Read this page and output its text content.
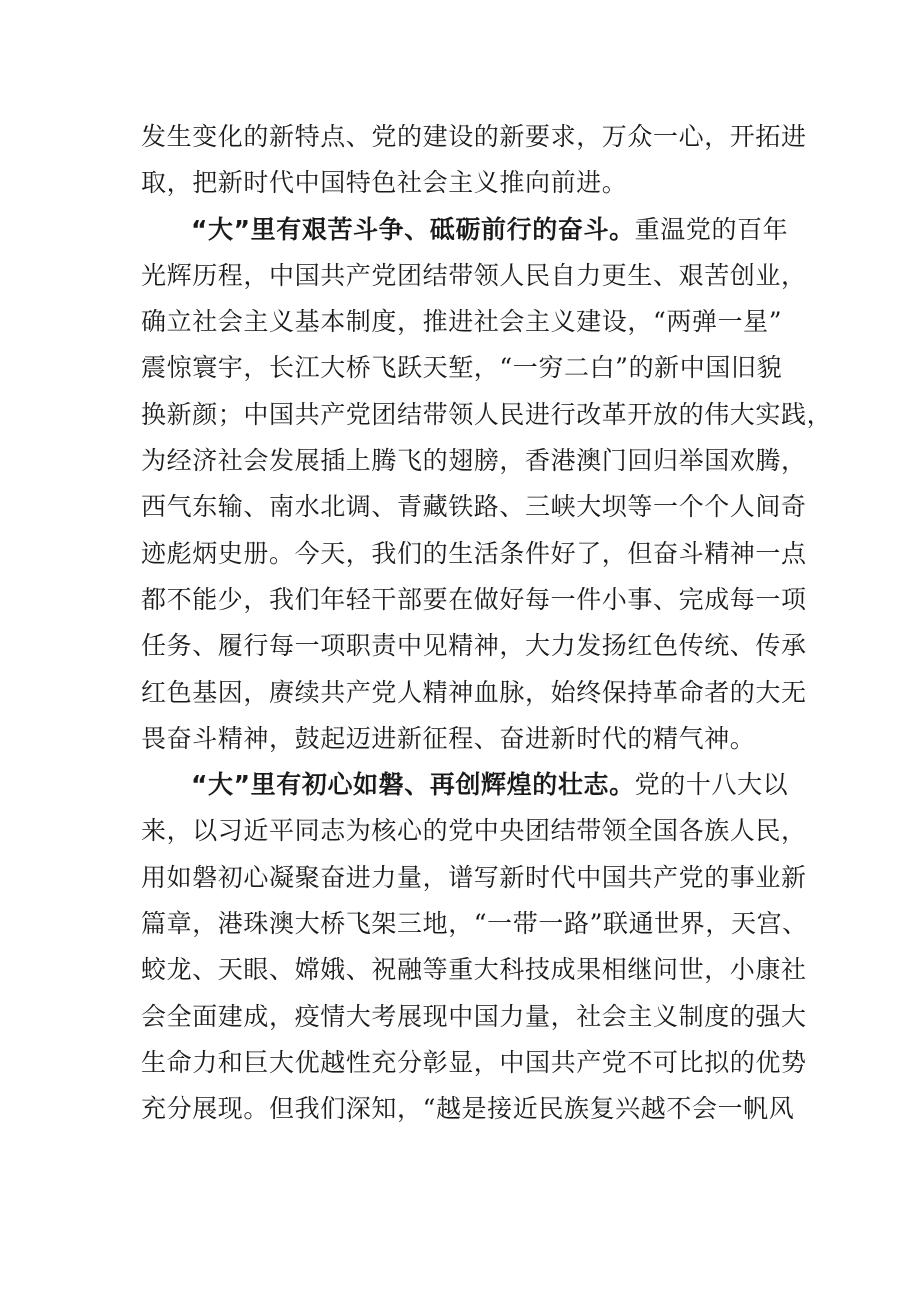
发生变化的新特点、党的建设的新要求，万众一心，开拓进
取，把新时代中国特色社会主义推向前进。
“大”里有艰苦斗争、砥砺前行的奋斗。重温党的百年
光辉历程，中国共产党团结带领人民自力更生、艰苦创业，
确立社会主义基本制度，推进社会主义建设，“两弹一星”
震惊寰宇，长江大桥飞跃天堑，“一穷二白”的新中国旧貌
换新颜；中国共产党团结带领人民进行改革开放的伟大实践，
为经济社会发展插上腾飞的翅膀，香港澳门回归举国欢腾，
西气东输、南水北调、青藏铁路、三峡大坝等一个个人间奇
迹彪炳史册。今天，我们的生活条件好了，但奋斗精神一点
都不能少，我们年轻干部要在做好每一件小事、完成每一项
任务、履行每一项职责中见精神，大力发扬红色传统、传承
红色基因，赓续共产党人精神血脉，始终保持革命者的大无
畏奋斗精神，鼓起迈进新征程、奋进新时代的精气神。
“大”里有初心如磐、再创辉煌的壮志。党的十八大以
来，以习近平同志为核心的党中央团结带领全国各族人民，
用如磐初心凝聚奋进力量，谱写新时代中国共产党的事业新
篇章，港珠澳大桥飞架三地，“一带一路”联通世界，天宫、
蛟龙、天眼、嫦娥、祝融等重大科技成果相继问世，小康社
会全面建成，疫情大考展现中国力量，社会主义制度的强大
生命力和巨大优越性充分彰显，中国共产党不可比拟的优势
充分展现。但我们深知，“越是接近民族复兴越不会一帆风
